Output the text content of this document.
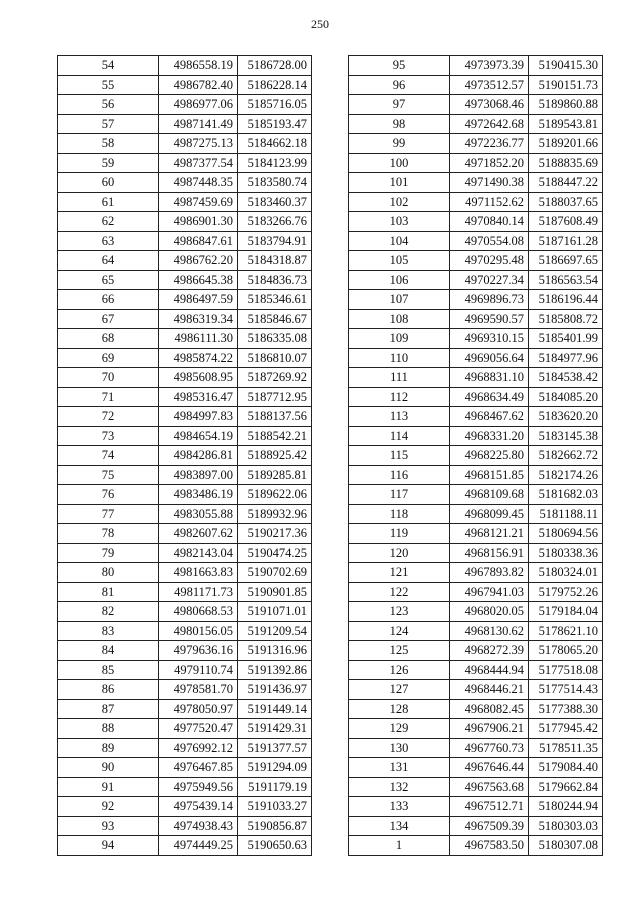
250
54	4986558.19	5186728.00
55	4986782.40	5186228.14
56	4986977.06	5185716.05
57	4987141.49	5185193.47
58	4987275.13	5184662.18
59	4987377.54	5184123.99
60	4987448.35	5183580.74
61	4987459.69	5183460.37
62	4986901.30	5183266.76
63	4986847.61	5183794.91
64	4986762.20	5184318.87
65	4986645.38	5184836.73
66	4986497.59	5185346.61
67	4986319.34	5185846.67
68	4986111.30	5186335.08
69	4985874.22	5186810.07
70	4985608.95	5187269.92
71	4985316.47	5187712.95
72	4984997.83	5188137.56
73	4984654.19	5188542.21
74	4984286.81	5188925.42
75	4983897.00	5189285.81
76	4983486.19	5189622.06
77	4983055.88	5189932.96
78	4982607.62	5190217.36
79	4982143.04	5190474.25
80	4981663.83	5190702.69
81	4981171.73	5190901.85
82	4980668.53	5191071.01
83	4980156.05	5191209.54
84	4979636.16	5191316.96
85	4979110.74	5191392.86
86	4978581.70	5191436.97
87	4978050.97	5191449.14
88	4977520.47	5191429.31
89	4976992.12	5191377.57
90	4976467.85	5191294.09
91	4975949.56	5191179.19
92	4975439.14	5191033.27
93	4974938.43	5190856.87
94	4974449.25	5190650.63
95	4973973.39	5190415.30
96	4973512.57	5190151.73
97	4973068.46	5189860.88
98	4972642.68	5189543.81
99	4972236.77	5189201.66
100	4971852.20	5188835.69
101	4971490.38	5188447.22
102	4971152.62	5188037.65
103	4970840.14	5187608.49
104	4970554.08	5187161.28
105	4970295.48	5186697.65
106	4970227.34	5186563.54
107	4969896.73	5186196.44
108	4969590.57	5185808.72
109	4969310.15	5185401.99
110	4969056.64	5184977.96
111	4968831.10	5184538.42
112	4968634.49	5184085.20
113	4968467.62	5183620.20
114	4968331.20	5183145.38
115	4968225.80	5182662.72
116	4968151.85	5182174.26
117	4968109.68	5181682.03
118	4968099.45	5181188.11
119	4968121.21	5180694.56
120	4968156.91	5180338.36
121	4967893.82	5180324.01
122	4967941.03	5179752.26
123	4968020.05	5179184.04
124	4968130.62	5178621.10
125	4968272.39	5178065.20
126	4968444.94	5177518.08
127	4968446.21	5177514.43
128	4968082.45	5177388.30
129	4967906.21	5177945.42
130	4967760.73	5178511.35
131	4967646.44	5179084.40
132	4967563.68	5179662.84
133	4967512.71	5180244.94
134	4967509.39	5180303.03
1	4967583.50	5180307.08
